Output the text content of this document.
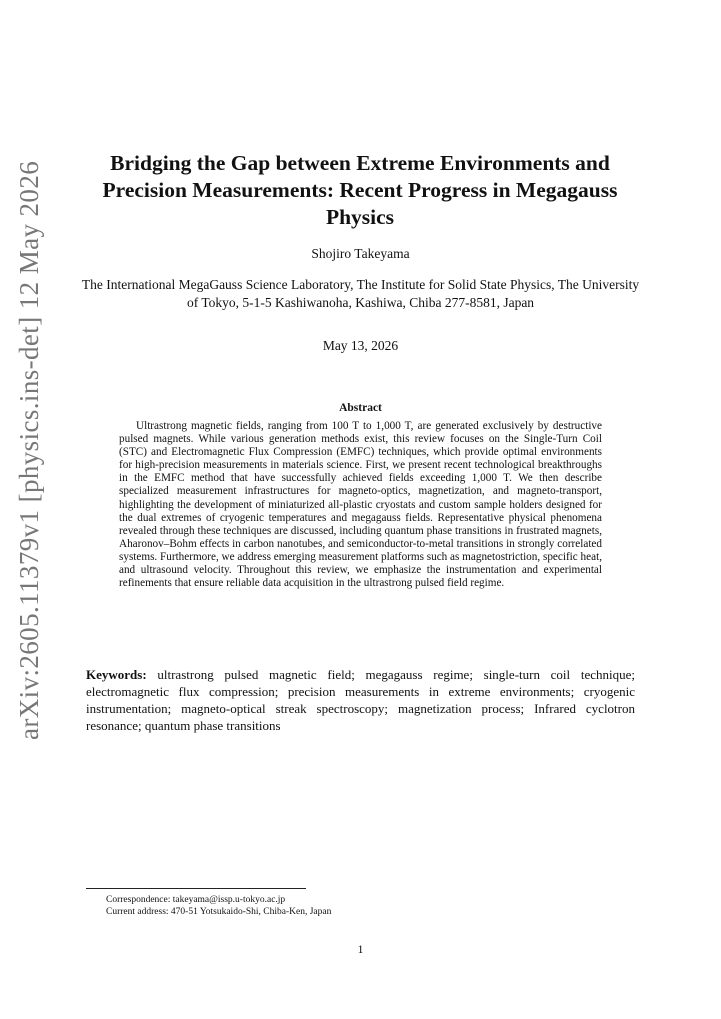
arXiv:2605.11379v1 [physics.ins-det] 12 May 2026	Bridging the Gap between Extreme Environments and Precision Measurements: Recent Progress in Megagauss Physics
Shojiro Takeyama
The International MegaGauss Science Laboratory, The Institute for Solid State Physics, The University of Tokyo, 5-1-5 Kashiwanoha, Kashiwa, Chiba 277-8581, Japan
May 13, 2026
Abstract

Ultrastrong magnetic fields, ranging from 100 T to 1,000 T, are generated exclusively by destructive pulsed magnets. While various generation methods exist, this review focuses on the Single-Turn Coil (STC) and Electromagnetic Flux Compression (EMFC) techniques, which provide optimal environments for high-precision measurements in materials science. First, we present recent technological breakthroughs in the EMFC method that have successfully achieved fields exceeding 1,000 T. We then describe specialized measurement infrastructures for magneto-optics, magnetization, and magneto-transport, highlighting the development of miniaturized all-plastic cryostats and custom sample holders designed for the dual extremes of cryogenic temperatures and megagauss fields. Representative physical phenomena revealed through these techniques are discussed, including quantum phase transitions in frustrated magnets, Aharonov–Bohm effects in carbon nanotubes, and semiconductor-to-metal transitions in strongly correlated systems. Furthermore, we address emerging measurement platforms such as magnetostriction, specific heat, and ultrasound velocity. Throughout this review, we emphasize the instrumentation and experimental refinements that ensure reliable data acquisition in the ultrastrong pulsed field regime.

Keywords: ultrastrong pulsed magnetic field; megagauss regime; single-turn coil technique; electromagnetic flux compression; precision measurements in extreme environments; cryogenic instrumentation; magneto-optical streak spectroscopy; magnetization process; Infrared cyclotron resonance; quantum phase transitions

Correspondence: takeyama@issp.u-tokyo.ac.jp
Current address: 470-51 Yotsukaido-Shi, Chiba-Ken, Japan
1
